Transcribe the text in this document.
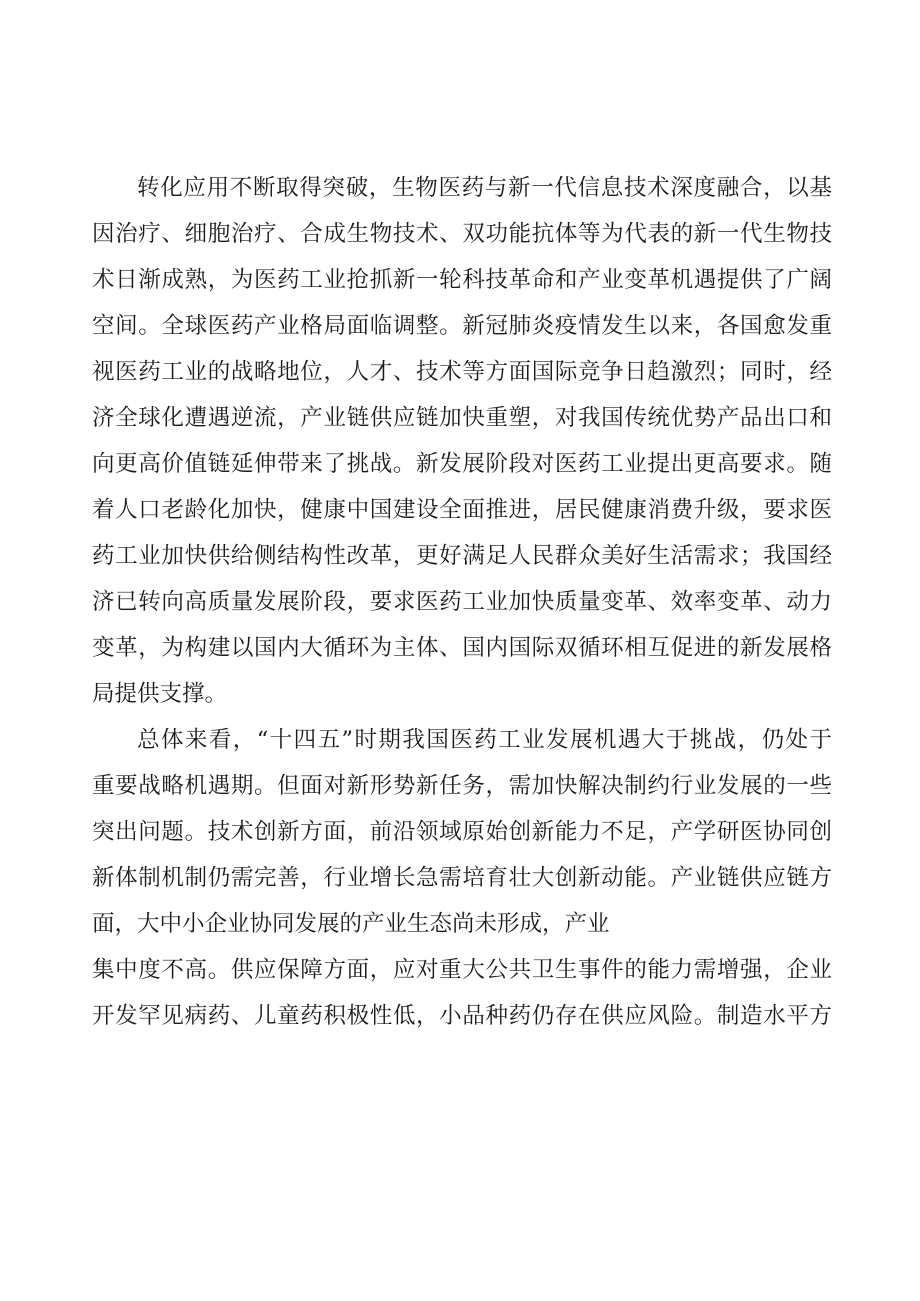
转化应用不断取得突破，生物医药与新一代信息技术深度融合，以基
因治疗、细胞治疗、合成生物技术、双功能抗体等为代表的新一代生物技
术日渐成熟，为医药工业抢抓新一轮科技革命和产业变革机遇提供了广阔
空间。全球医药产业格局面临调整。新冠肺炎疫情发生以来，各国愈发重
视医药工业的战略地位，人才、技术等方面国际竞争日趋激烈；同时，经
济全球化遭遇逆流，产业链供应链加快重塑，对我国传统优势产品出口和
向更高价值链延伸带来了挑战。新发展阶段对医药工业提出更高要求。随
着人口老龄化加快，健康中国建设全面推进，居民健康消费升级，要求医
药工业加快供给侧结构性改革，更好满足人民群众美好生活需求；我国经
济已转向高质量发展阶段，要求医药工业加快质量变革、效率变革、动力
变革，为构建以国内大循环为主体、国内国际双循环相互促进的新发展格
局提供支撑。
总体来看，“十四五”时期我国医药工业发展机遇大于挑战，仍处于
重要战略机遇期。但面对新形势新任务，需加快解决制约行业发展的一些
突出问题。技术创新方面，前沿领域原始创新能力不足，产学研医协同创
新体制机制仍需完善，行业增长急需培育壮大创新动能。产业链供应链方
面，大中小企业协同发展的产业生态尚未形成，产业
集中度不高。供应保障方面，应对重大公共卫生事件的能力需增强，企业
开发罕见病药、儿童药积极性低，小品种药仍存在供应风险。制造水平方
